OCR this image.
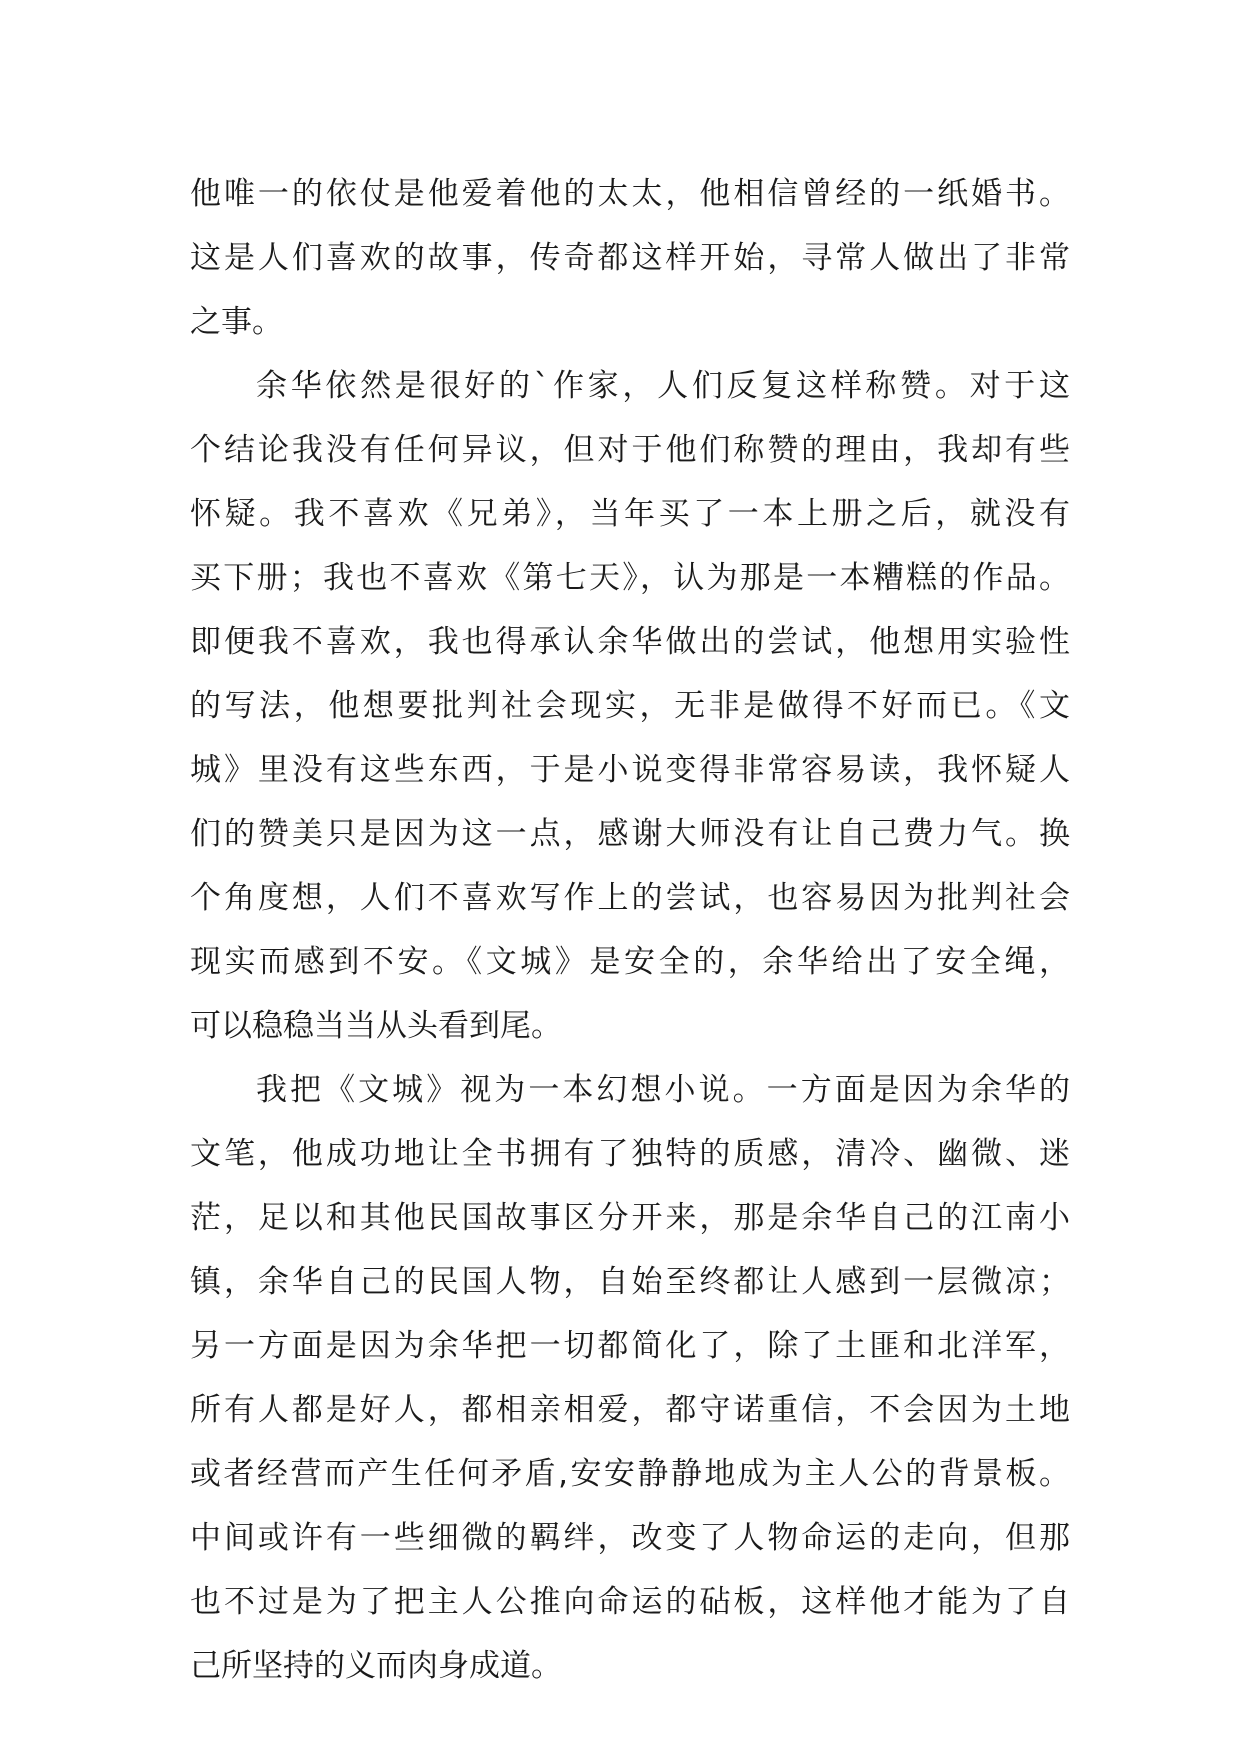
他唯一的依仗是他爱着他的太太，他相信曾经的一纸婚书。
这是人们喜欢的故事，传奇都这样开始，寻常人做出了非常
之事。
余华依然是很好的`作家，人们反复这样称赞。对于这
个结论我没有任何异议，但对于他们称赞的理由，我却有些
怀疑。我不喜欢《兄弟》，当年买了一本上册之后，就没有
买下册；我也不喜欢《第七天》，认为那是一本糟糕的作品。
即便我不喜欢，我也得承认余华做出的尝试，他想用实验性
的写法，他想要批判社会现实，无非是做得不好而已。《文
城》里没有这些东西，于是小说变得非常容易读，我怀疑人
们的赞美只是因为这一点，感谢大师没有让自己费力气。换
个角度想，人们不喜欢写作上的尝试，也容易因为批判社会
现实而感到不安。《文城》是安全的，余华给出了安全绳，
可以稳稳当当从头看到尾。
我把《文城》视为一本幻想小说。一方面是因为余华的
文笔，他成功地让全书拥有了独特的质感，清冷、幽微、迷
茫，足以和其他民国故事区分开来，那是余华自己的江南小
镇，余华自己的民国人物，自始至终都让人感到一层微凉；
另一方面是因为余华把一切都简化了，除了土匪和北洋军，
所有人都是好人，都相亲相爱，都守诺重信，不会因为土地
或者经营而产生任何矛盾,安安静静地成为主人公的背景板。
中间或许有一些细微的羁绊，改变了人物命运的走向，但那
也不过是为了把主人公推向命运的砧板，这样他才能为了自
己所坚持的义而肉身成道。
